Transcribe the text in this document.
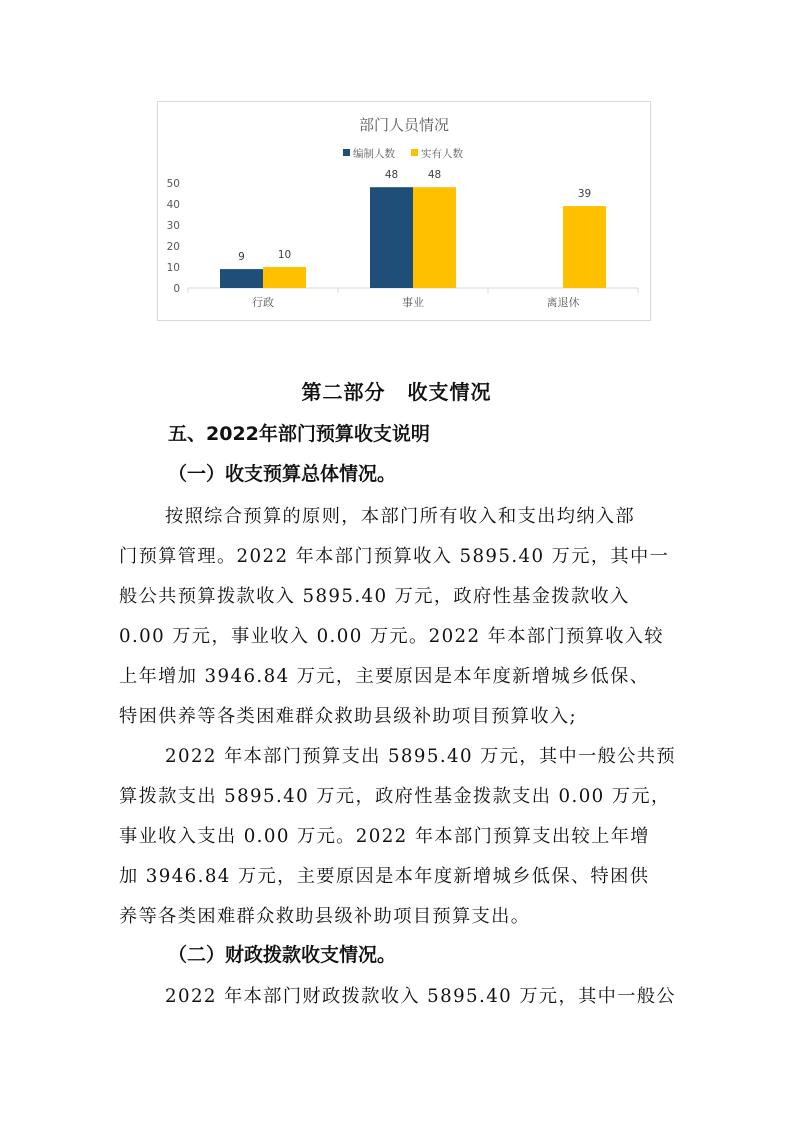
部门人员情况
编制人数 实有人数
0
10
20
30
40
50
行政
9	10
事业
48	48
离退休
39
第二部分 收支情况
五、2022年部门预算收支说明
（一）收支预算总体情况。
按照综合预算的原则，本部门所有收入和支出均纳入部
门预算管理。2022 年本部门预算收入 5895.40 万元，其中一
般公共预算拨款收入 5895.40 万元，政府性基金拨款收入
0.00 万元，事业收入 0.00 万元。2022 年本部门预算收入较
上年增加 3946.84 万元，主要原因是本年度新增城乡低保、
特困供养等各类困难群众救助县级补助项目预算收入;
2022 年本部门预算支出 5895.40 万元，其中一般公共预
算拨款支出 5895.40 万元，政府性基金拨款支出 0.00 万元，
事业收入支出 0.00 万元。2022 年本部门预算支出较上年增
加 3946.84 万元，主要原因是本年度新增城乡低保、特困供
养等各类困难群众救助县级补助项目预算支出。
（二）财政拨款收支情况。
2022 年本部门财政拨款收入 5895.40 万元，其中一般公
